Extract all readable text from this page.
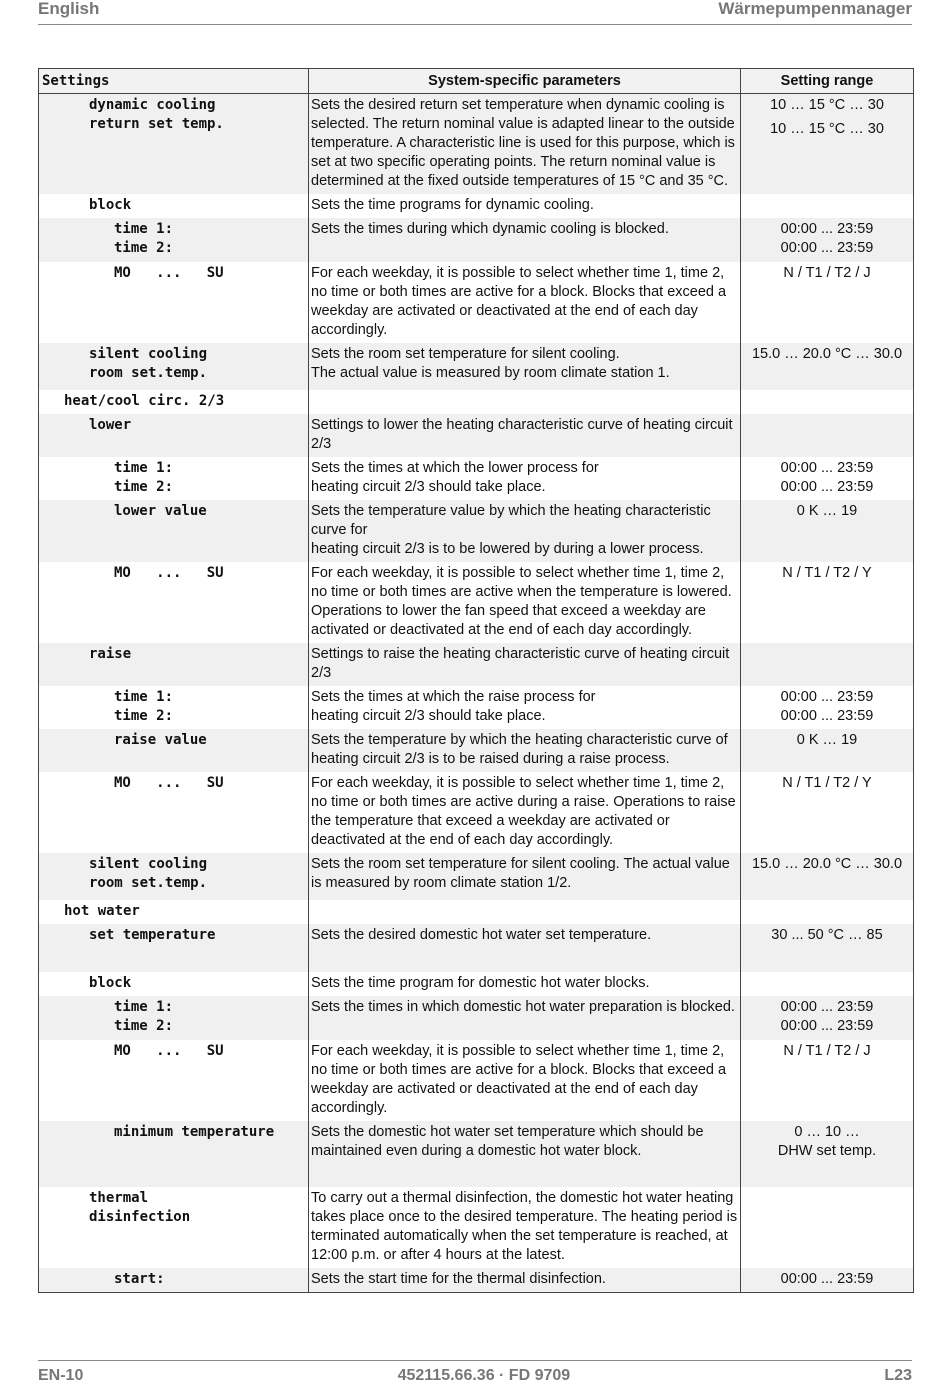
English	Wärmepumpenmanager
Settings	System-specific parameters	Setting range
dynamic cooling
return set temp.	Sets the desired return set temperature when dynamic cooling is selected. The return nominal value is adapted linear to the outside temperature. A characteristic line is used for this purpose, which is set at two specific operating points. The return nominal value is determined at the fixed outside temperatures of 15 °C and 35 °C.	10 … 15 °C … 30
10 … 15 °C … 30

block	Sets the time programs for dynamic cooling.	
time 1:
time 2:	Sets the times during which dynamic cooling is blocked.	00:00 ... 23:59
00:00 ... 23:59

MO   ...   SU	For each weekday, it is possible to select whether time 1, time 2, no time or both times are active for a block. Blocks that exceed a weekday are activated or deactivated at the end of each day accordingly.	N / T1 / T2 / J

silent cooling
room set.temp.	Sets the room set temperature for silent cooling.
The actual value is measured by room climate station 1.	15.0 … 20.0 °C … 30.0

heat/cool circ. 2/3		
lower	Settings to lower the heating characteristic curve of heating circuit 2/3	
time 1:
time 2:	Sets the times at which the lower process for
heating circuit 2/3 should take place.	00:00 ... 23:59
00:00 ... 23:59

lower value	Sets the temperature value by which the heating characteristic curve for
heating circuit 2/3 is to be lowered by during a lower process.	0 K … 19

MO   ...   SU	For each weekday, it is possible to select whether time 1, time 2, no time or both times are active when the temperature is lowered. Operations to lower the fan speed that exceed a weekday are activated or deactivated at the end of each day accordingly.	N / T1 / T2 / Y

raise	Settings to raise the heating characteristic curve of heating circuit 2/3	
time 1:
time 2:	Sets the times at which the raise process for
heating circuit 2/3 should take place.	00:00 ... 23:59
00:00 ... 23:59

raise value	Sets the temperature by which the heating characteristic curve of heating circuit 2/3 is to be raised during a raise process.	0 K … 19

MO   ...   SU	For each weekday, it is possible to select whether time 1, time 2, no time or both times are active during a raise. Operations to raise the temperature that exceed a weekday are activated or deactivated at the end of each day accordingly.	N / T1 / T2 / Y

silent cooling
room set.temp.	Sets the room set temperature for silent cooling. The actual value is measured by room climate station 1/2.	15.0 … 20.0 °C … 30.0

hot water		
set temperature	Sets the desired domestic hot water set temperature.	30 ... 50 °C … 85

block	Sets the time program for domestic hot water blocks.	
time 1:
time 2:	Sets the times in which domestic hot water preparation is blocked.	00:00 ... 23:59
00:00 ... 23:59

MO   ...   SU	For each weekday, it is possible to select whether time 1, time 2, no time or both times are active for a block. Blocks that exceed a weekday are activated or deactivated at the end of each day accordingly.	N / T1 / T2 / J

minimum temperature	Sets the domestic hot water set temperature which should be maintained even during a domestic hot water block.	0 … 10 …
DHW set temp.

thermal
disinfection	To carry out a thermal disinfection, the domestic hot water heating takes place once to the desired temperature. The heating period is terminated automatically when the set temperature is reached, at 12:00 p.m. or after 4 hours at the latest.	
start:	Sets the start time for the thermal disinfection.	00:00 ... 23:59
EN-10	452115.66.36 · FD 9709	L23
